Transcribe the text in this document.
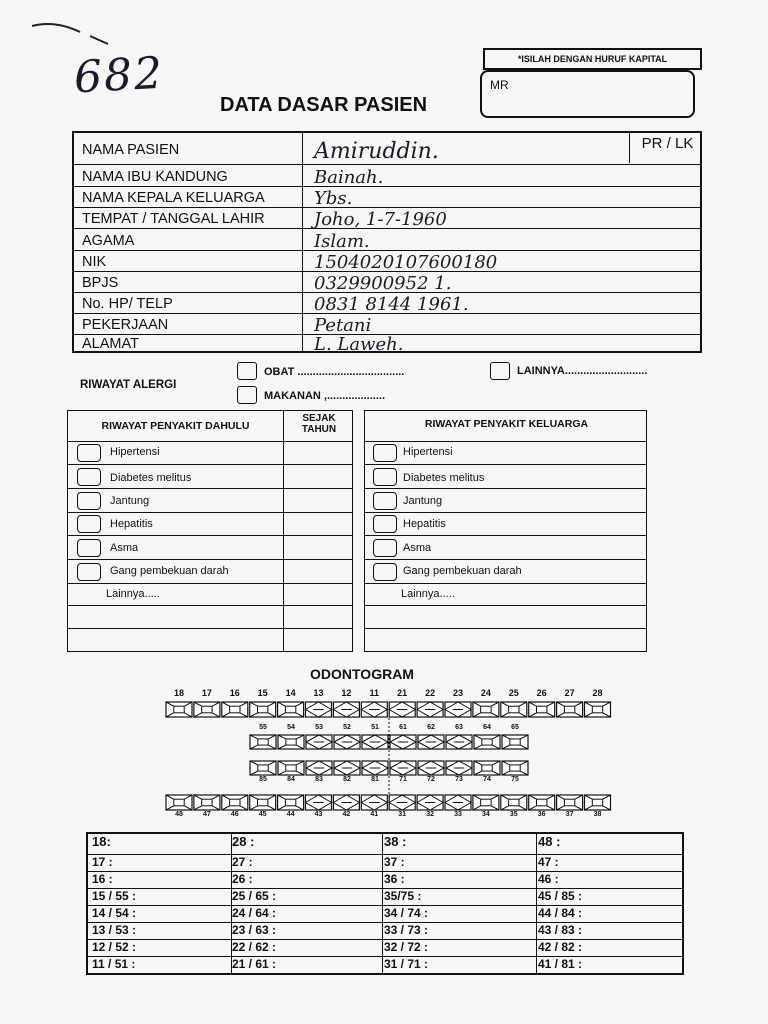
682	*ISILAH DENGAN HURUF KAPITAL
MR
DATA DASAR PASIEN
PR / LK
NAMA PASIEN	Amiruddin.
NAMA IBU KANDUNG	Bainah.
NAMA KEPALA KELUARGA	Ybs.
TEMPAT / TANGGAL LAHIR	Joho, 1-7-1960
AGAMA	Islam.
NIK	1504020107600180
BPJS	0329900952 1.
No. HP/ TELP	0831 8144 1961.
PEKERJAAN	Petani
ALAMAT	L. Laweh.
RIWAYAT ALERGI
OBAT ...................................
MAKANAN ,...................
LAINNYA...........................
RIWAYAT PENYAKIT DAHULU
SEJAK TAHUN
Hipertensi
Diabetes melitus
Jantung
Hepatitis
Asma
Gang pembekuan darah
Lainnya.....
RIWAYAT PENYAKIT KELUARGA
Hipertensi
Diabetes melitus
Jantung
Hepatitis
Asma
Gang pembekuan darah
Lainnya.....
ODONTOGRAM
18	17	16	15	14	13	12	11	21	22	23	24	25	26	27	28
55	54	53	52	51	61	62	63	64	65
85	84	83	82	81	71	72	73	74	75
48	47	46	45	44	43	42	41	31	32	33	34	35	36	37	38
18:	28 :	38 :	48 :
17 :	27 :	37 :	47 :
16 :	26 :	36 :	46 :
15 / 55 :	25 / 65 :	35/75 :	45 / 85 :
14 / 54 :	24 / 64 :	34 / 74 :	44 / 84 :
13 / 53 :	23 / 63 :	33 / 73 :	43 / 83 :
12 / 52 :	22 / 62 :	32 / 72 :	42 / 82 :
11 / 51 :	21 / 61 :	31 / 71 :	41 / 81 :
